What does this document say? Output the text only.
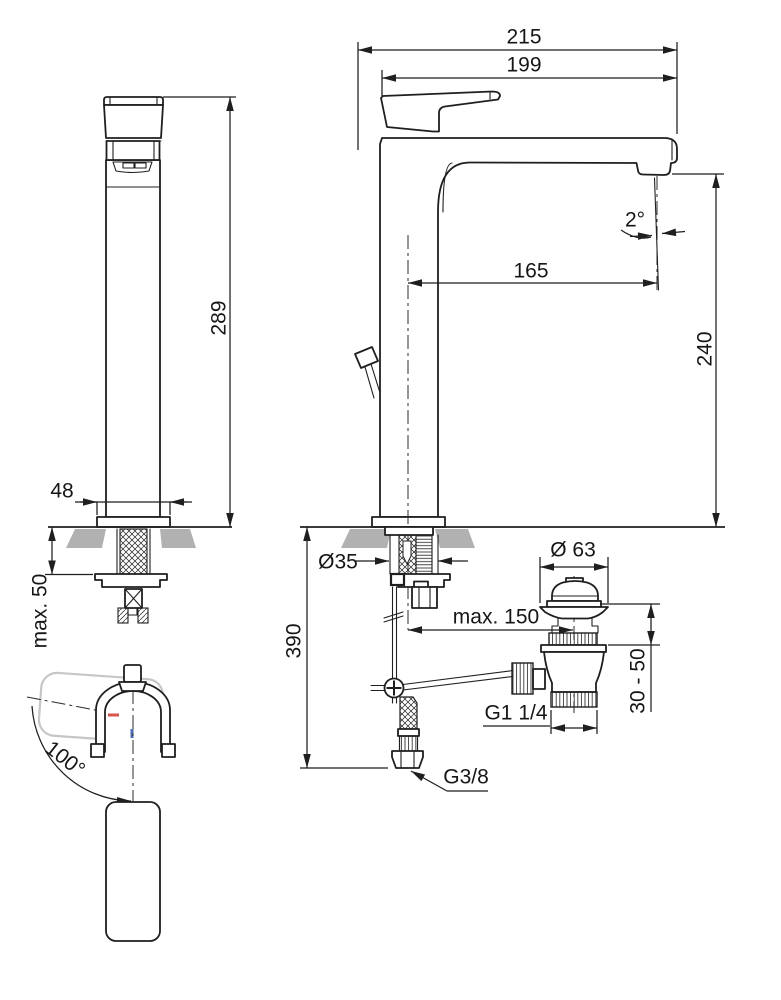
289
48
max. 50
100°
390
Ø35
max. 150
2°
165
240
215
199
Ø 63
30 - 50
G1 1/4
G3/8
